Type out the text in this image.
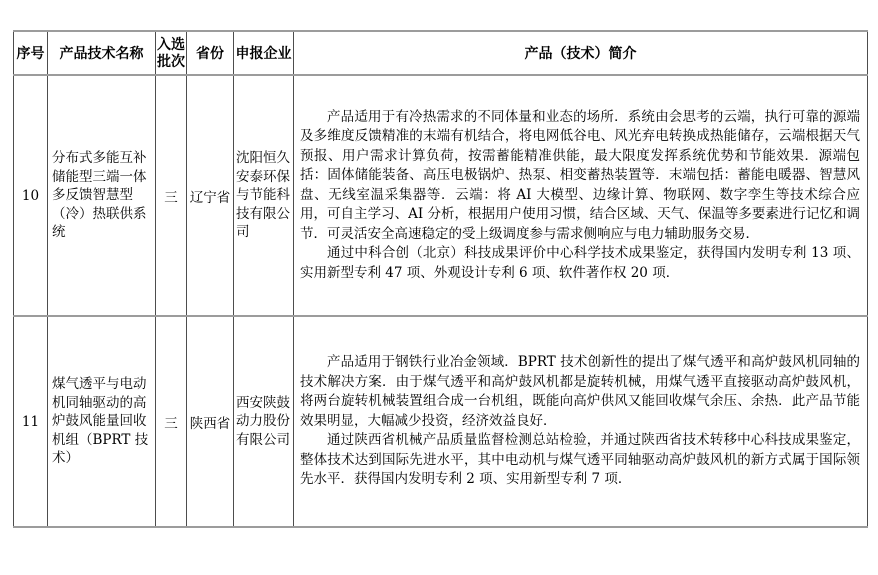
序号	产品技术名称	入选批次	省份	申报企业	产品（技术）简介
10	分布式多能互补储能型三端一体多反馈智慧型（冷）热联供系统	三	辽宁省	沈阳恒久安泰环保与节能科技有限公司	产品适用于有冷热需求的不同体量和业态的场所．系统由会思考的云端，执行可靠的源端及多维度反馈精准的末端有机结合，将电网低谷电、风光弃电转换成热能储存，云端根据天气预报、用户需求计算负荷，按需蓄能精准供能，最大限度发挥系统优势和节能效果．源端包括：固体储能装备、高压电极锅炉、热泵、相变蓄热装置等．末端包括：蓄能电暖器、智慧风盘、无线室温采集器等．云端：将 AI 大模型、边缘计算、物联网、数字孪生等技术综合应用，可自主学习、AI 分析，根据用户使用习惯，结合区域、天气、保温等多要素进行记忆和调节．可灵活安全高速稳定的受上级调度参与需求侧响应与电力辅助服务交易．

通过中科合创（北京）科技成果评价中心科学技术成果鉴定，获得国内发明专利 13 项、实用新型专利 47 项、外观设计专利 6 项、软件著作权 20 项．

11	煤气透平与电动机同轴驱动的高炉鼓风能量回收机组（BPRT 技术）	三	陕西省	西安陕鼓动力股份有限公司	产品适用于钢铁行业冶金领域．BPRT 技术创新性的提出了煤气透平和高炉鼓风机同轴的技术解决方案．由于煤气透平和高炉鼓风机都是旋转机械，用煤气透平直接驱动高炉鼓风机，将两台旋转机械装置组合成一台机组，既能向高炉供风又能回收煤气余压、余热．此产品节能效果明显，大幅减少投资，经济效益良好．

通过陕西省机械产品质量监督检测总站检验，并通过陕西省技术转移中心科技成果鉴定，整体技术达到国际先进水平，其中电动机与煤气透平同轴驱动高炉鼓风机的新方式属于国际领先水平．获得国内发明专利 2 项、实用新型专利 7 项．
